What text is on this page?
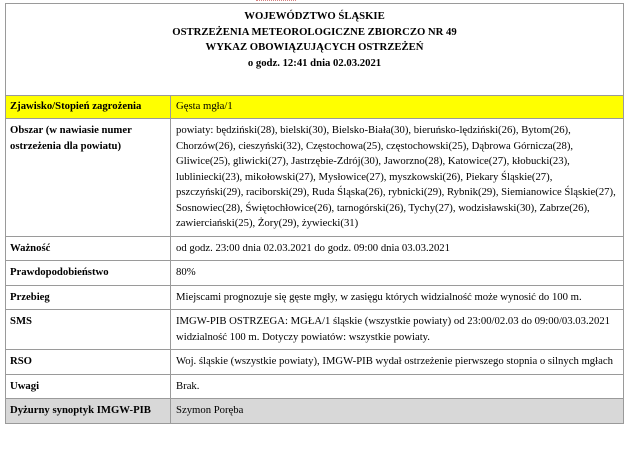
WOJEWÓDZTWO ŚLĄSKIE
OSTRZEŻENIA METEOROLOGICZNE ZBIORCZO NR 49
WYKAZ OBOWIĄZUJĄCYCH OSTRZEŻEŃ
o godz. 12:41 dnia 02.03.2021	

Zjawisko/Stopień zagrożenia	Gęsta mgła/1
Obszar (w nawiasie numer ostrzeżenia dla powiatu)	powiaty: będziński(28), bielski(30), Bielsko-Biała(30), bieruńsko-lędziński(26), Bytom(26), Chorzów(26), cieszyński(32), Częstochowa(25), częstochowski(25), Dąbrowa Górnicza(28), Gliwice(25), gliwicki(27), Jastrzębie-Zdrój(30), Jaworzno(28), Katowice(27), kłobucki(23), lubliniecki(23), mikołowski(27), Mysłowice(27), myszkowski(26), Piekary Śląskie(27), pszczyński(29), raciborski(29), Ruda Śląska(26), rybnicki(29), Rybnik(29), Siemianowice Śląskie(27), Sosnowiec(28), Świętochłowice(26), tarnogórski(26), Tychy(27), wodzisławski(30), Zabrze(26), zawierciański(25), Żory(29), żywiecki(31)
Ważność	od godz. 23:00 dnia 02.03.2021 do godz. 09:00 dnia 03.03.2021
Prawdopodobieństwo	80%
Przebieg	Miejscami prognozuje się gęste mgły, w zasięgu których widzialność może wynosić do 100 m.
SMS	IMGW-PIB OSTRZEGA: MGŁA/1 śląskie (wszystkie powiaty) od 23:00/02.03 do 09:00/03.03.2021 widzialność 100 m. Dotyczy powiatów: wszystkie powiaty.
RSO	Woj. śląskie (wszystkie powiaty), IMGW-PIB wydał ostrzeżenie pierwszego stopnia o silnych mgłach
Uwagi	Brak.
Dyżurny synoptyk IMGW-PIB	Szymon Poręba
